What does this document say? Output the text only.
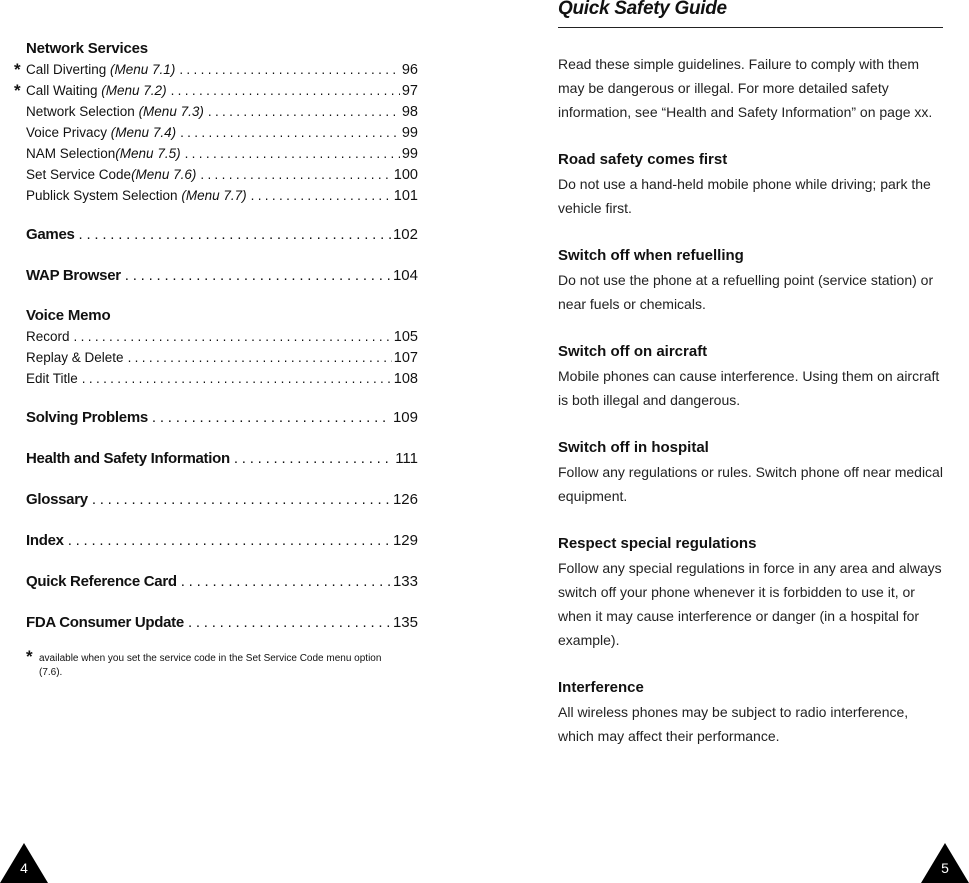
Network Services
* Call Diverting (Menu 7.1) . . .	96
* Call Waiting (Menu 7.2) . . .	97
Network Selection (Menu 7.3) . . .	98
Voice Privacy (Menu 7.4) . . .	99
NAM Selection(Menu 7.5) . . .	99
Set Service Code(Menu 7.6) . . .	100
Publick System Selection (Menu 7.7) . . .	101
Games . . .	102
WAP Browser . . .	104
Voice Memo
Record . . .	105
Replay & Delete . . .	107
Edit Title . . .	108
Solving Problems . . .	109
Health and Safety Information . . .	111
Glossary . . .	126
Index . . .	129
Quick Reference Card . . .	133
FDA Consumer Update . . .	135
* available when you set the service code in the Set Service Code menu option (7.6).
Quick Safety Guide
Read these simple guidelines. Failure to comply with them may be dangerous or illegal. For more detailed safety information, see “Health and Safety Information” on page xx.
Road safety comes first
Do not use a hand-held mobile phone while driving; park the vehicle first.
Switch off when refuelling
Do not use the phone at a refuelling point (service station) or near fuels or chemicals.
Switch off on aircraft
Mobile phones can cause interference. Using them on aircraft is both illegal and dangerous.
Switch off in hospital
Follow any regulations or rules. Switch phone off near medical equipment.
Respect special regulations
Follow any special regulations in force in any area and always switch off your phone whenever it is forbidden to use it, or when it may cause interference or danger (in a hospital for example).
Interference
All wireless phones may be subject to radio interference, which may affect their performance.
4	5
